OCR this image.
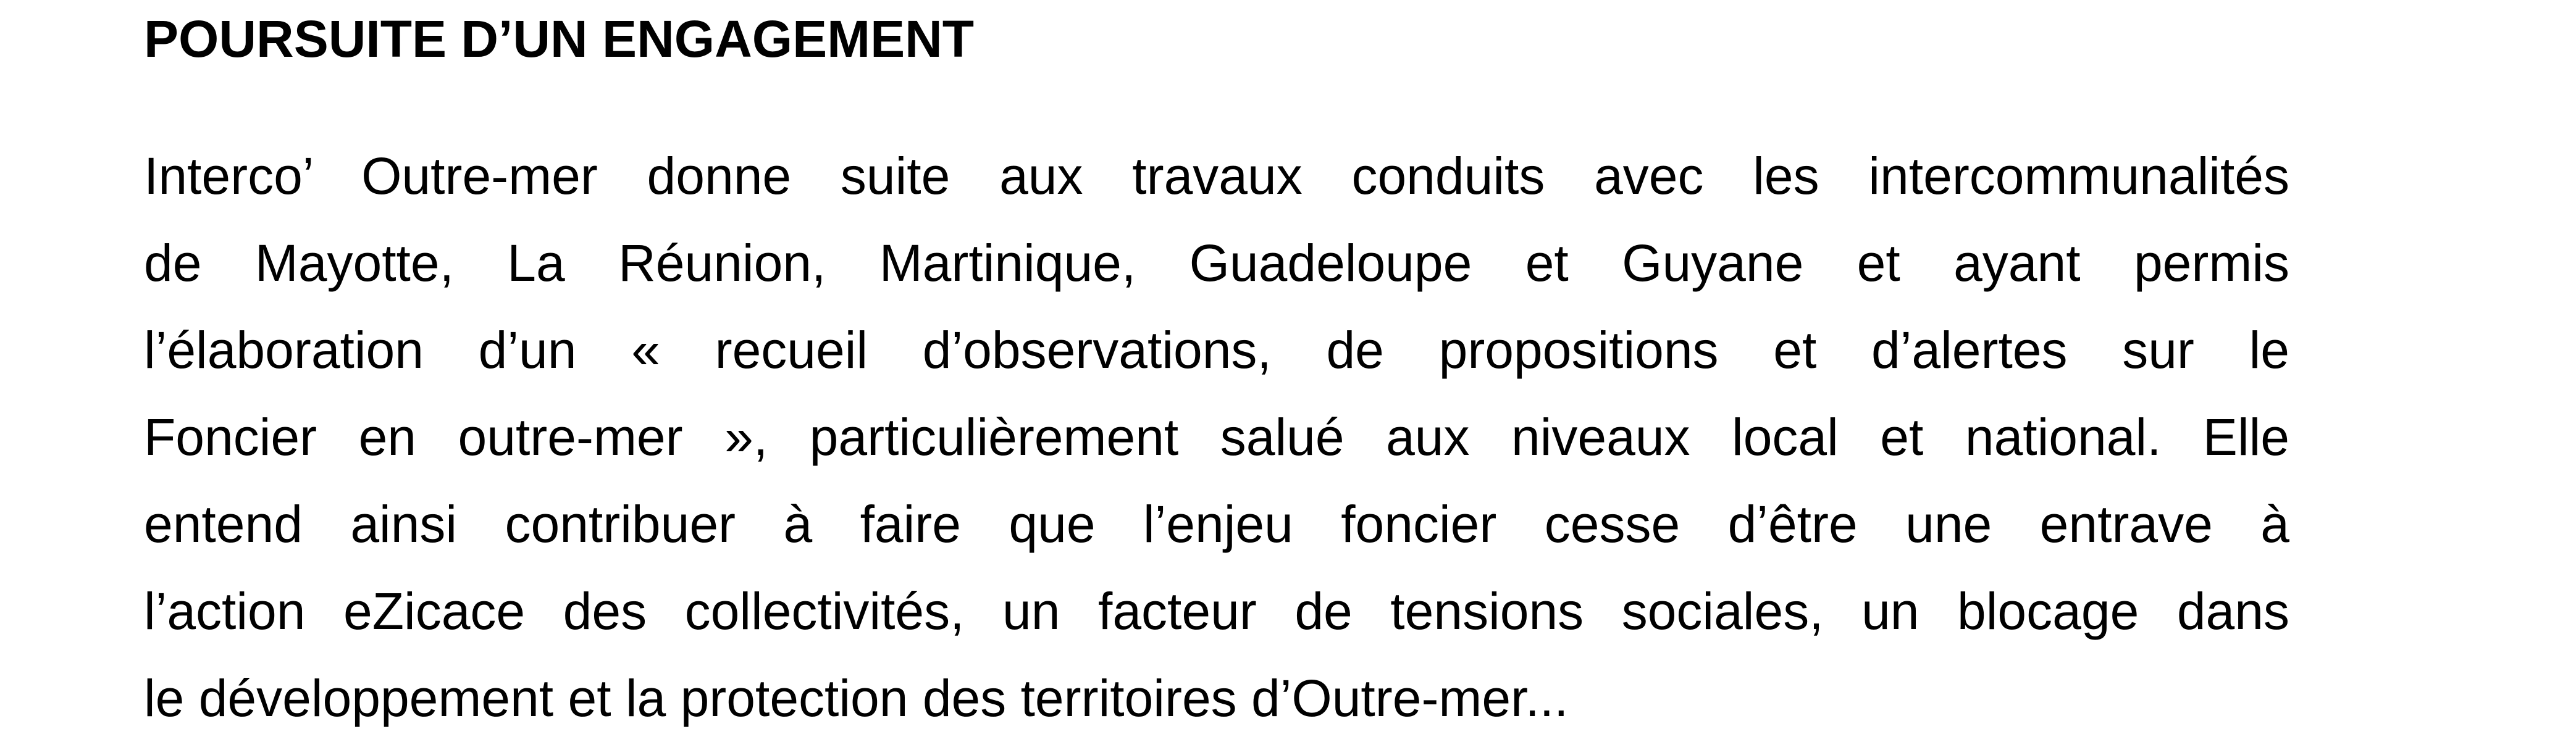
POURSUITE D’UN ENGAGEMENT
Interco’ Outre-mer donne suite aux travaux conduits avec les intercommunalités
de Mayotte, La Réunion, Martinique, Guadeloupe et Guyane et ayant permis
l’élaboration d’un « recueil d’observations, de propositions et d’alertes sur le
Foncier en outre-mer », particulièrement salué aux niveaux local et national. Elle
entend ainsi contribuer à faire que l’enjeu foncier cesse d’être une entrave à
l’action eZicace des collectivités, un facteur de tensions sociales, un blocage dans
le développement et la protection des territoires d’Outre-mer...
